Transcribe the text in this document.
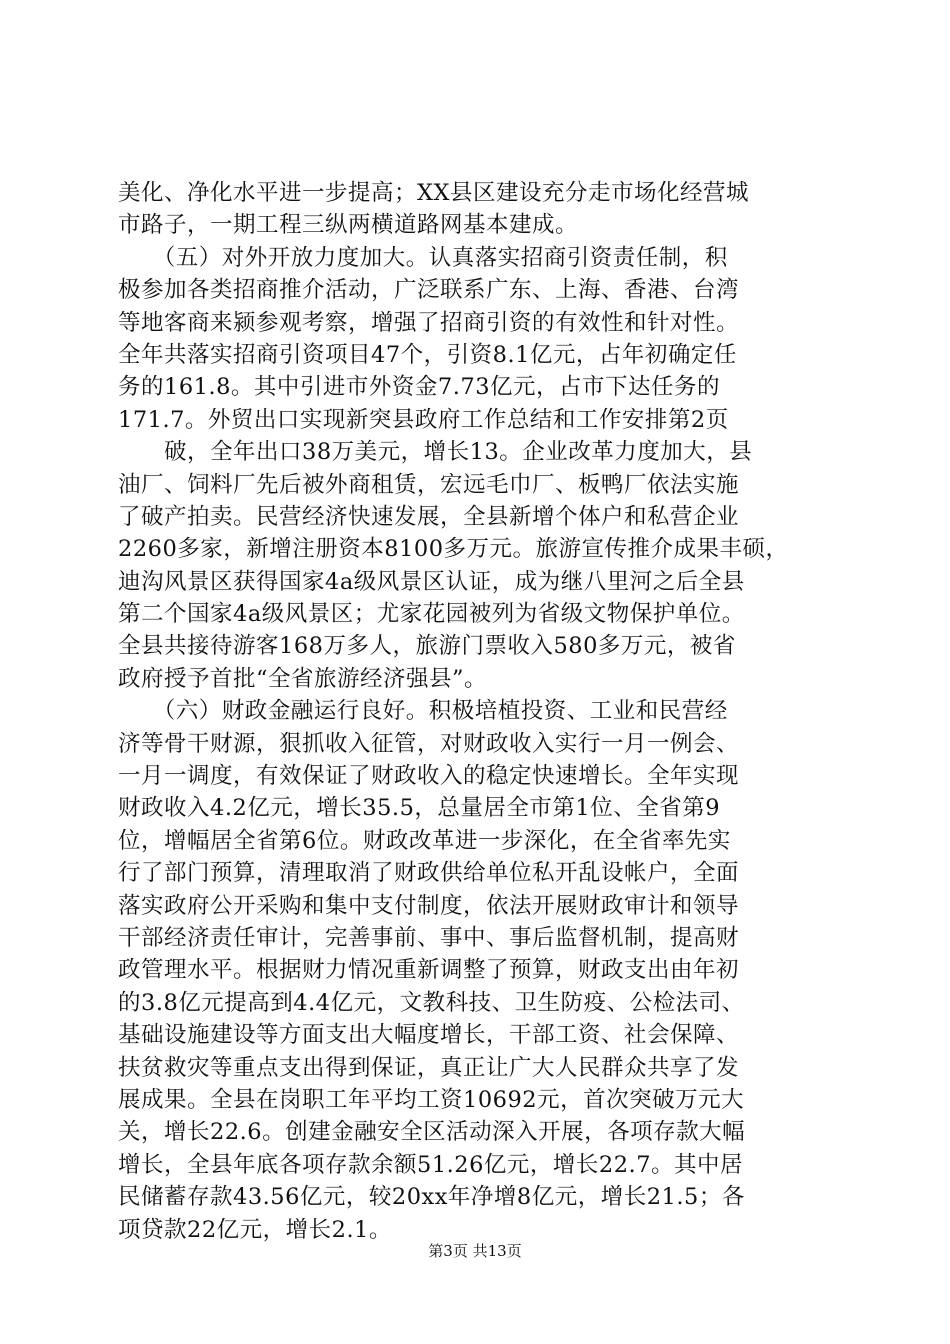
美化、净化水平进一步提高；XX县区建设充分走市场化经营城
市路子，一期工程三纵两横道路网基本建成。
　　（五）对外开放力度加大。认真落实招商引资责任制，积
极参加各类招商推介活动，广泛联系广东、上海、香港、台湾
等地客商来颍参观考察，增强了招商引资的有效性和针对性。
全年共落实招商引资项目47个，引资8.1亿元，占年初确定任
务的161.8。其中引进市外资金7.73亿元，占市下达任务的
171.7。外贸出口实现新突县政府工作总结和工作安排第2页
　　破，全年出口38万美元，增长13。企业改革力度加大，县
油厂、饲料厂先后被外商租赁，宏远毛巾厂、板鸭厂依法实施
了破产拍卖。民营经济快速发展，全县新增个体户和私营企业
2260多家，新增注册资本8100多万元。旅游宣传推介成果丰硕，
迪沟风景区获得国家4a级风景区认证，成为继八里河之后全县
第二个国家4a级风景区；尤家花园被列为省级文物保护单位。
全县共接待游客168万多人，旅游门票收入580多万元，被省
政府授予首批“全省旅游经济强县”。
　　（六）财政金融运行良好。积极培植投资、工业和民营经
济等骨干财源，狠抓收入征管，对财政收入实行一月一例会、
一月一调度，有效保证了财政收入的稳定快速增长。全年实现
财政收入4.2亿元，增长35.5，总量居全市第1位、全省第9
位，增幅居全省第6位。财政改革进一步深化，在全省率先实
行了部门预算，清理取消了财政供给单位私开乱设帐户，全面
落实政府公开采购和集中支付制度，依法开展财政审计和领导
干部经济责任审计，完善事前、事中、事后监督机制，提高财
政管理水平。根据财力情况重新调整了预算，财政支出由年初
的3.8亿元提高到4.4亿元，文教科技、卫生防疫、公检法司、
基础设施建设等方面支出大幅度增长，干部工资、社会保障、
扶贫救灾等重点支出得到保证，真正让广大人民群众共享了发
展成果。全县在岗职工年平均工资10692元，首次突破万元大
关，增长22.6。创建金融安全区活动深入开展，各项存款大幅
增长，全县年底各项存款余额51.26亿元，增长22.7。其中居
民储蓄存款43.56亿元，较20xx年净增8亿元，增长21.5；各
项贷款22亿元，增长2.1。
第3页 共13页
